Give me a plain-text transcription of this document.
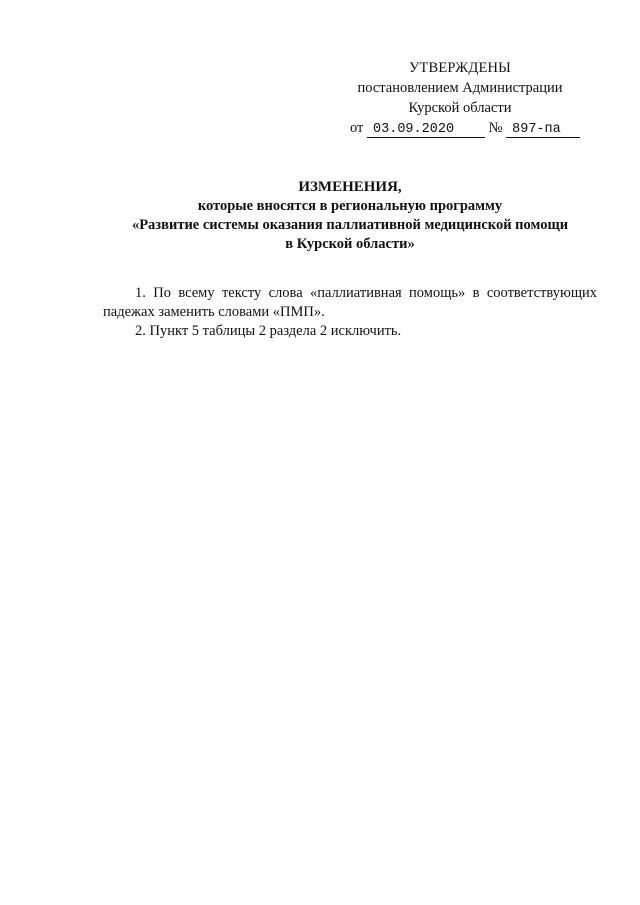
УТВЕРЖДЕНЫ
постановлением Администрации
Курской области
от 03.09.2020 № 897-па
ИЗМЕНЕНИЯ,
которые вносятся в региональную программу
«Развитие системы оказания паллиативной медицинской помощи
в Курской области»

1. По всему тексту слова «паллиативная помощь» в соответствующих падежах заменить словами «ПМП».

2. Пункт 5 таблицы 2 раздела 2 исключить.
